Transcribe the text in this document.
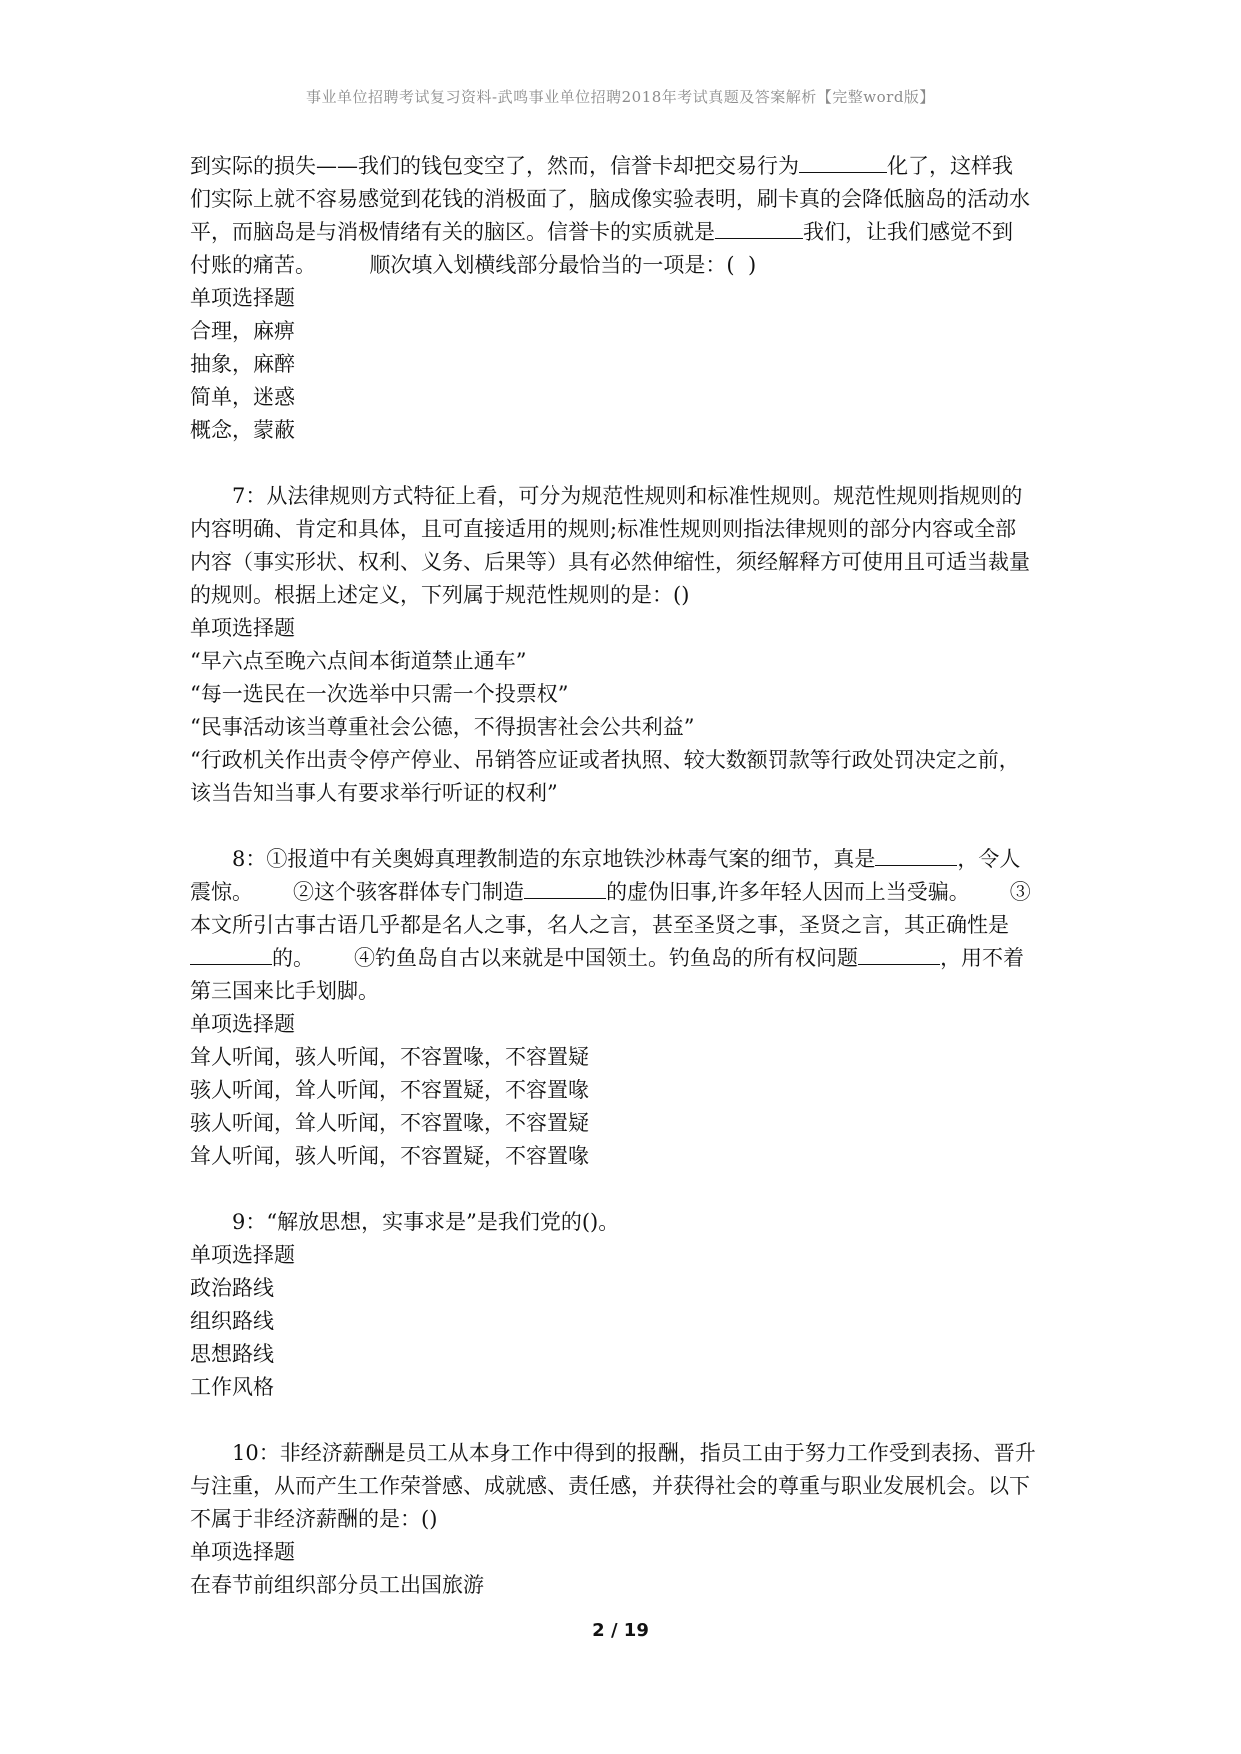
事业单位招聘考试复习资料-武鸣事业单位招聘2018年考试真题及答案解析【完整word版】
到实际的损失——我们的钱包变空了，然而，信誉卡却把交易行为	化了，这样我
们实际上就不容易感觉到花钱的消极面了，脑成像实验表明，刷卡真的会降低脑岛的活动水
平，而脑岛是与消极情绪有关的脑区。信誉卡的实质就是	我们，让我们感觉不到
付账的痛苦。        顺次填入划横线部分最恰当的一项是：(  )
单项选择题
合理，麻痹
抽象，麻醉
简单，迷惑
概念，蒙蔽
7：从法律规则方式特征上看，可分为规范性规则和标准性规则。规范性规则指规则的
内容明确、肯定和具体，且可直接适用的规则;标准性规则则指法律规则的部分内容或全部
内容（事实形状、权利、义务、后果等）具有必然伸缩性，须经解释方可使用且可适当裁量
的规则。根据上述定义，下列属于规范性规则的是：()
单项选择题
“早六点至晚六点间本街道禁止通车”
“每一选民在一次选举中只需一个投票权”
“民事活动该当尊重社会公德，不得损害社会公共利益”
“行政机关作出责令停产停业、吊销答应证或者执照、较大数额罚款等行政处罚决定之前，
该当告知当事人有要求举行听证的权利”
8：①报道中有关奥姆真理教制造的东京地铁沙林毒气案的细节，真是	，令人
震惊。      ②这个骇客群体专门制造	的虚伪旧事,许多年轻人因而上当受骗。      ③
本文所引古事古语几乎都是名人之事，名人之言，甚至圣贤之事，圣贤之言，其正确性是
的。      ④钓鱼岛自古以来就是中国领土。钓鱼岛的所有权问题	，用不着
第三国来比手划脚。
单项选择题
耸人听闻，骇人听闻，不容置喙，不容置疑
骇人听闻，耸人听闻，不容置疑，不容置喙
骇人听闻，耸人听闻，不容置喙，不容置疑
耸人听闻，骇人听闻，不容置疑，不容置喙
9：“解放思想，实事求是”是我们党的()。
单项选择题
政治路线
组织路线
思想路线
工作风格
10：非经济薪酬是员工从本身工作中得到的报酬，指员工由于努力工作受到表扬、晋升
与注重，从而产生工作荣誉感、成就感、责任感，并获得社会的尊重与职业发展机会。以下
不属于非经济薪酬的是：()
单项选择题
在春节前组织部分员工出国旅游
2 / 19
